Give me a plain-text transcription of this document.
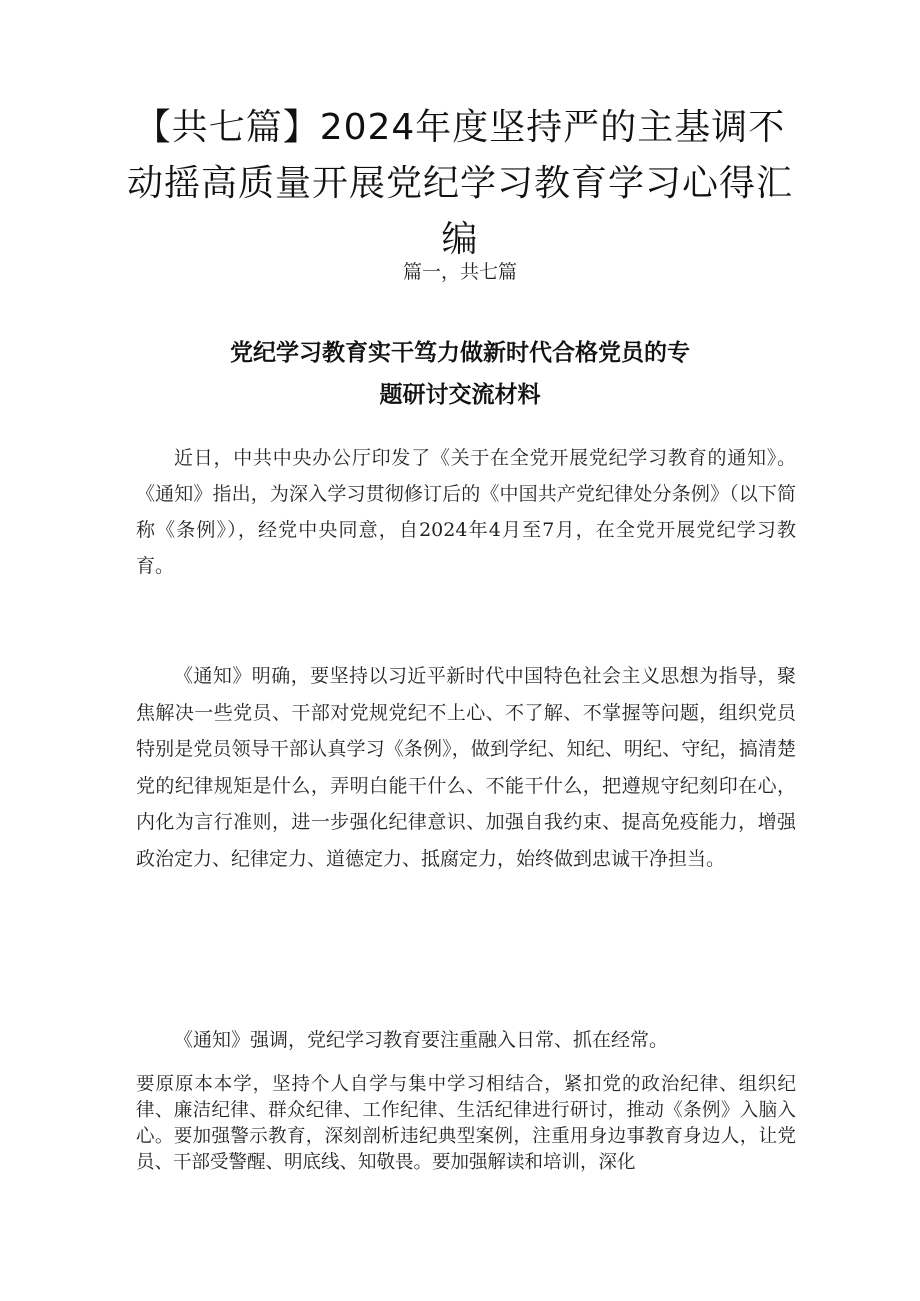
【共七篇】2024年度坚持严的主基调不动摇高质量开展党纪学习教育学习心得汇编

篇一，共七篇

党纪学习教育实干笃力做新时代合格党员的专
题研讨交流材料

近日，中共中央办公厅印发了《关于在全党开展党纪学习教育的通知》。《通知》指出，为深入学习贯彻修订后的《中国共产党纪律处分条例》（以下简称《条例》），经党中央同意，自2024年4月至7月，在全党开展党纪学习教育。

《通知》明确，要坚持以习近平新时代中国特色社会主义思想为指导，聚焦解决一些党员、干部对党规党纪不上心、不了解、不掌握等问题，组织党员特别是党员领导干部认真学习《条例》，做到学纪、知纪、明纪、守纪，搞清楚党的纪律规矩是什么，弄明白能干什么、不能干什么，把遵规守纪刻印在心，内化为言行准则，进一步强化纪律意识、加强自我约束、提高免疫能力，增强政治定力、纪律定力、道德定力、抵腐定力，始终做到忠诚干净担当。

《通知》强调，党纪学习教育要注重融入日常、抓在经常。

要原原本本学，坚持个人自学与集中学习相结合，紧扣党的政治纪律、组织纪律、廉洁纪律、群众纪律、工作纪律、生活纪律进行研讨，推动《条例》入脑入心。要加强警示教育，深刻剖析违纪典型案例，注重用身边事教育身边人，让党员、干部受警醒、明底线、知敬畏。要加强解读和培训，深化
